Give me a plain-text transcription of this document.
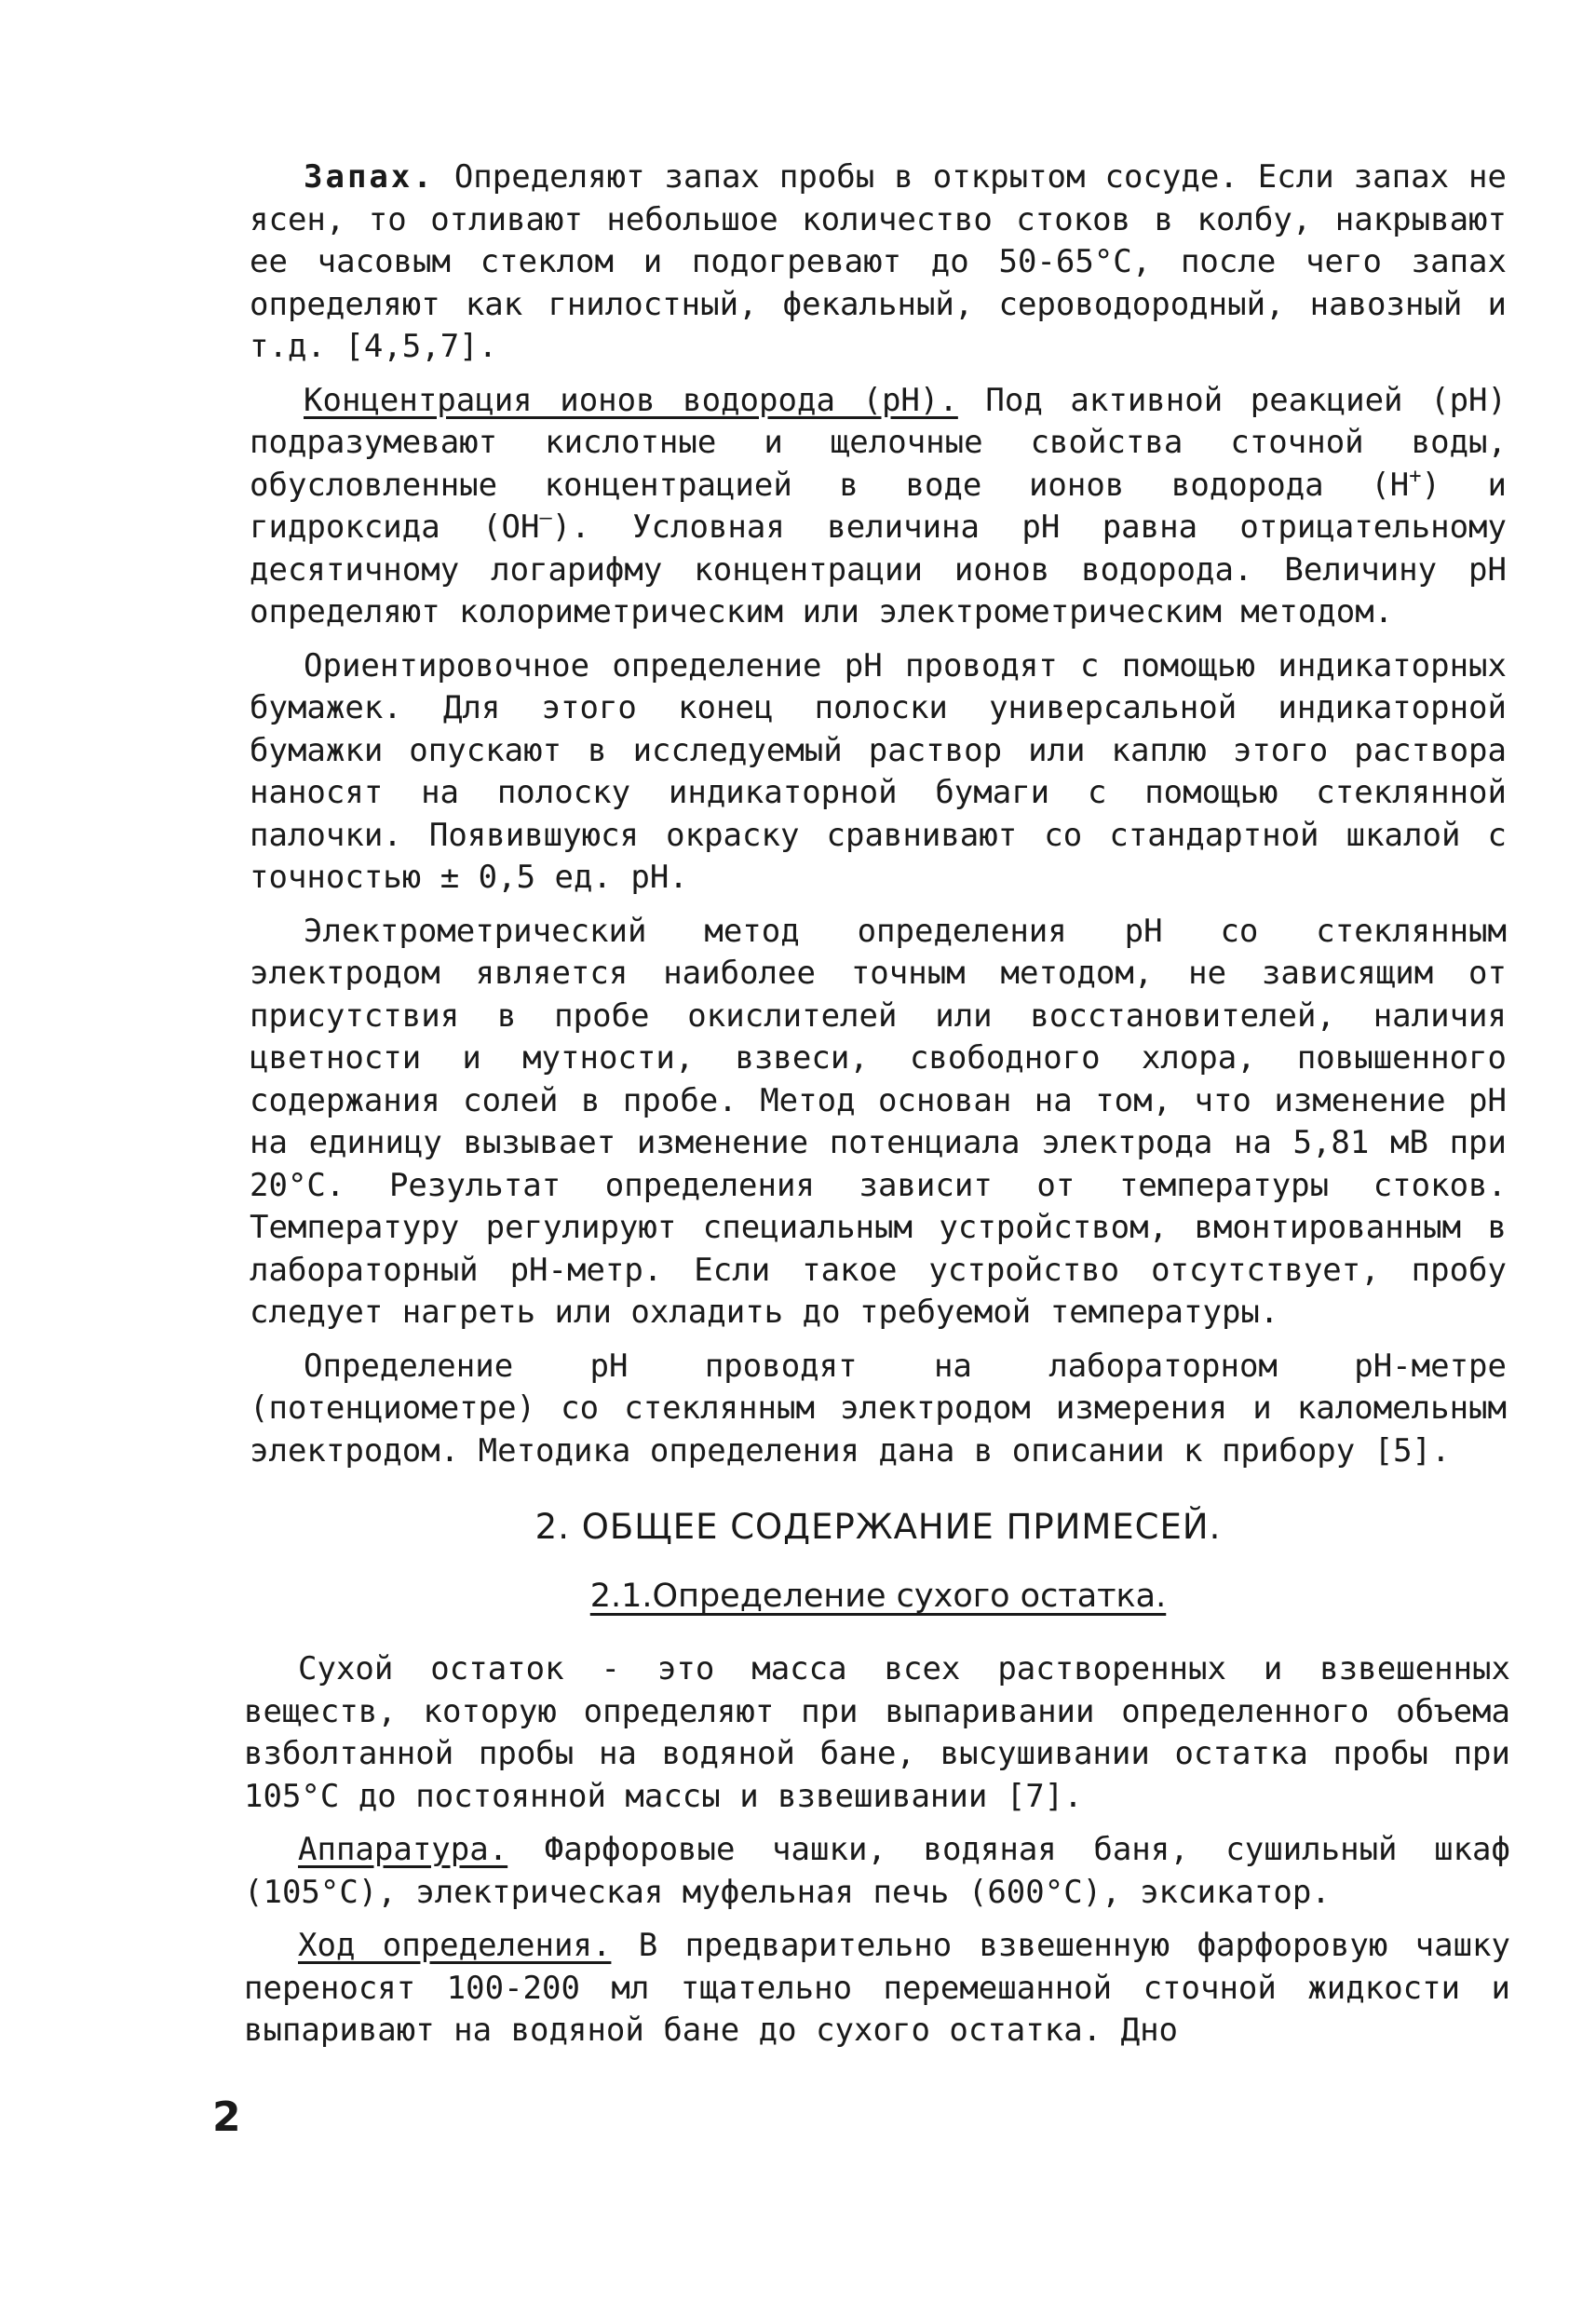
Запах. Определяют запах пробы в открытом сосуде. Если запах не ясен, то отливают небольшое количество стоков в колбу, накрывают ее часовым стеклом и подогревают до 50-65°С, после чего запах определяют как гнилостный, фекальный, сероводородный, навозный и т.д. [4,5,7].

Концентрация ионов водорода (рН). Под активной реакцией (рН) подразумевают кислотные и щелочные свойства сточной воды, обусловленные концентрацией в воде ионов водорода (Н+) и гидроксида (ОН–). Условная величина рН равна отрицательному десятичному логарифму концентрации ионов водорода. Величину рН определяют колориметрическим или электрометрическим методом.

Ориентировочное определение рН проводят с помощью индикаторных бумажек. Для этого конец полоски универсальной индикаторной бумажки опускают в исследуемый раствор или каплю этого раствора наносят на полоску индикаторной бумаги с помощью стеклянной палочки. Появившуюся окраску сравнивают со стандартной шкалой с точностью ± 0,5 ед. рН.

Электрометрический метод определения рН со стеклянным электродом является наиболее точным методом, не зависящим от присутствия в пробе окислителей или восстановителей, наличия цветности и мутности, взвеси, свободного хлора, повышенного содержания солей в пробе. Метод основан на том, что изменение рН на единицу вызывает изменение потенциала электрода на 5,81 мВ при 20°С. Результат определения зависит от температуры стоков. Температуру регулируют специальным устройством, вмонтированным в лабораторный рН-метр. Если такое устройство отсутствует, пробу следует нагреть или охладить до требуемой температуры.

Определение рН проводят на лабораторном рН-метре (потенциометре) со стеклянным электродом измерения и каломельным электродом. Методика определения дана в описании к прибору [5].

2. ОБЩЕЕ СОДЕРЖАНИЕ ПРИМЕСЕЙ.
2.1.Определение сухого остатка.

Сухой остаток - это масса всех растворенных и взвешенных веществ, которую определяют при выпаривании определенного объема взболтанной пробы на водяной бане, высушивании остатка пробы при 105°С до постоянной массы и взвешивании [7].

Аппаратура. Фарфоровые чашки, водяная баня, сушильный шкаф (105°С), электрическая муфельная печь (600°С), эксикатор.

Ход определения. В предварительно взвешенную фарфоровую чашку переносят 100-200 мл тщательно перемешанной сточной жидкости и выпаривают на водяной бане до сухого остатка. Дно

2
